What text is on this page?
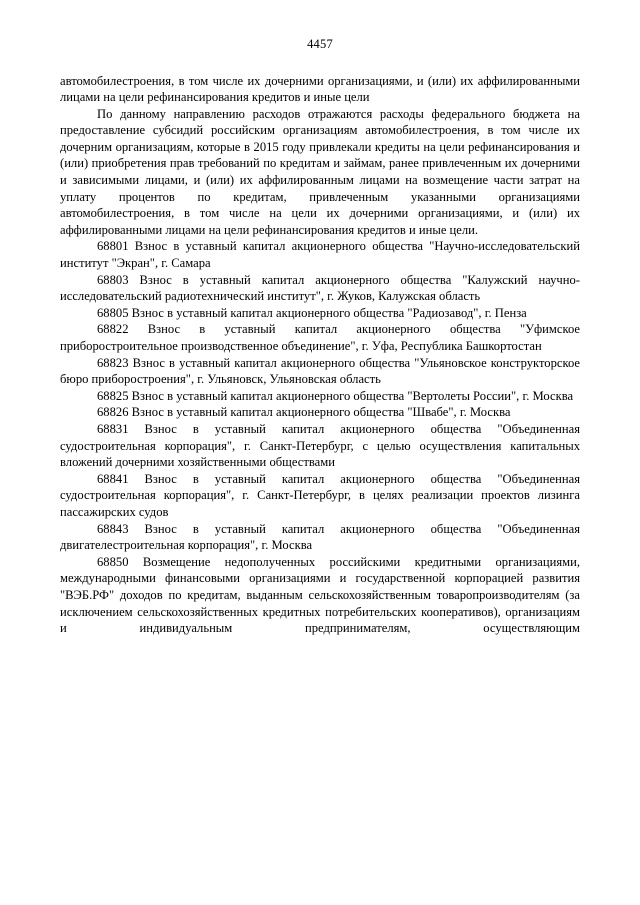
4457

автомобилестроения, в том числе их дочерними организациями, и (или) их аффилированными лицами на цели рефинансирования кредитов и иные цели

По данному направлению расходов отражаются расходы федерального бюджета на предоставление субсидий российским организациям автомобилестроения, в том числе их дочерним организациям, которые в 2015 году привлекали кредиты на цели рефинансирования и (или) приобретения прав требований по кредитам и займам, ранее привлеченным их дочерними и зависимыми лицами, и (или) их аффилированным лицами на возмещение части затрат на уплату процентов по кредитам, привлеченным указанными организациями автомобилестроения, в том числе на цели их дочерними организациями, и (или) их аффилированными лицами на цели рефинансирования кредитов и иные цели.

68801 Взнос в уставный капитал акционерного общества "Научно-исследовательский институт "Экран", г. Самара

68803 Взнос в уставный капитал акционерного общества "Калужский научно-исследовательский радиотехнический институт", г. Жуков, Калужская область

68805 Взнос в уставный капитал акционерного общества "Радиозавод", г. Пенза

68822 Взнос в уставный капитал акционерного общества "Уфимское приборостроительное производственное объединение", г. Уфа, Республика Башкортостан

68823 Взнос в уставный капитал акционерного общества "Ульяновское конструкторское бюро приборостроения", г. Ульяновск, Ульяновская область

68825 Взнос в уставный капитал акционерного общества "Вертолеты России", г. Москва

68826 Взнос в уставный капитал акционерного общества "Швабе", г. Москва

68831 Взнос в уставный капитал акционерного общества "Объединенная судостроительная корпорация", г. Санкт-Петербург, с целью осуществления капитальных вложений дочерними хозяйственными обществами

68841 Взнос в уставный капитал акционерного общества "Объединенная судостроительная корпорация", г. Санкт-Петербург, в целях реализации проектов лизинга пассажирских судов

68843 Взнос в уставный капитал акционерного общества "Объединенная двигателестроительная корпорация", г. Москва

68850 Возмещение недополученных российскими кредитными организациями, международными финансовыми организациями и государственной корпорацией развития "ВЭБ.РФ" доходов по кредитам, выданным сельскохозяйственным товаропроизводителям (за исключением сельскохозяйственных кредитных потребительских кооперативов), организациям и индивидуальным предпринимателям, осуществляющим
